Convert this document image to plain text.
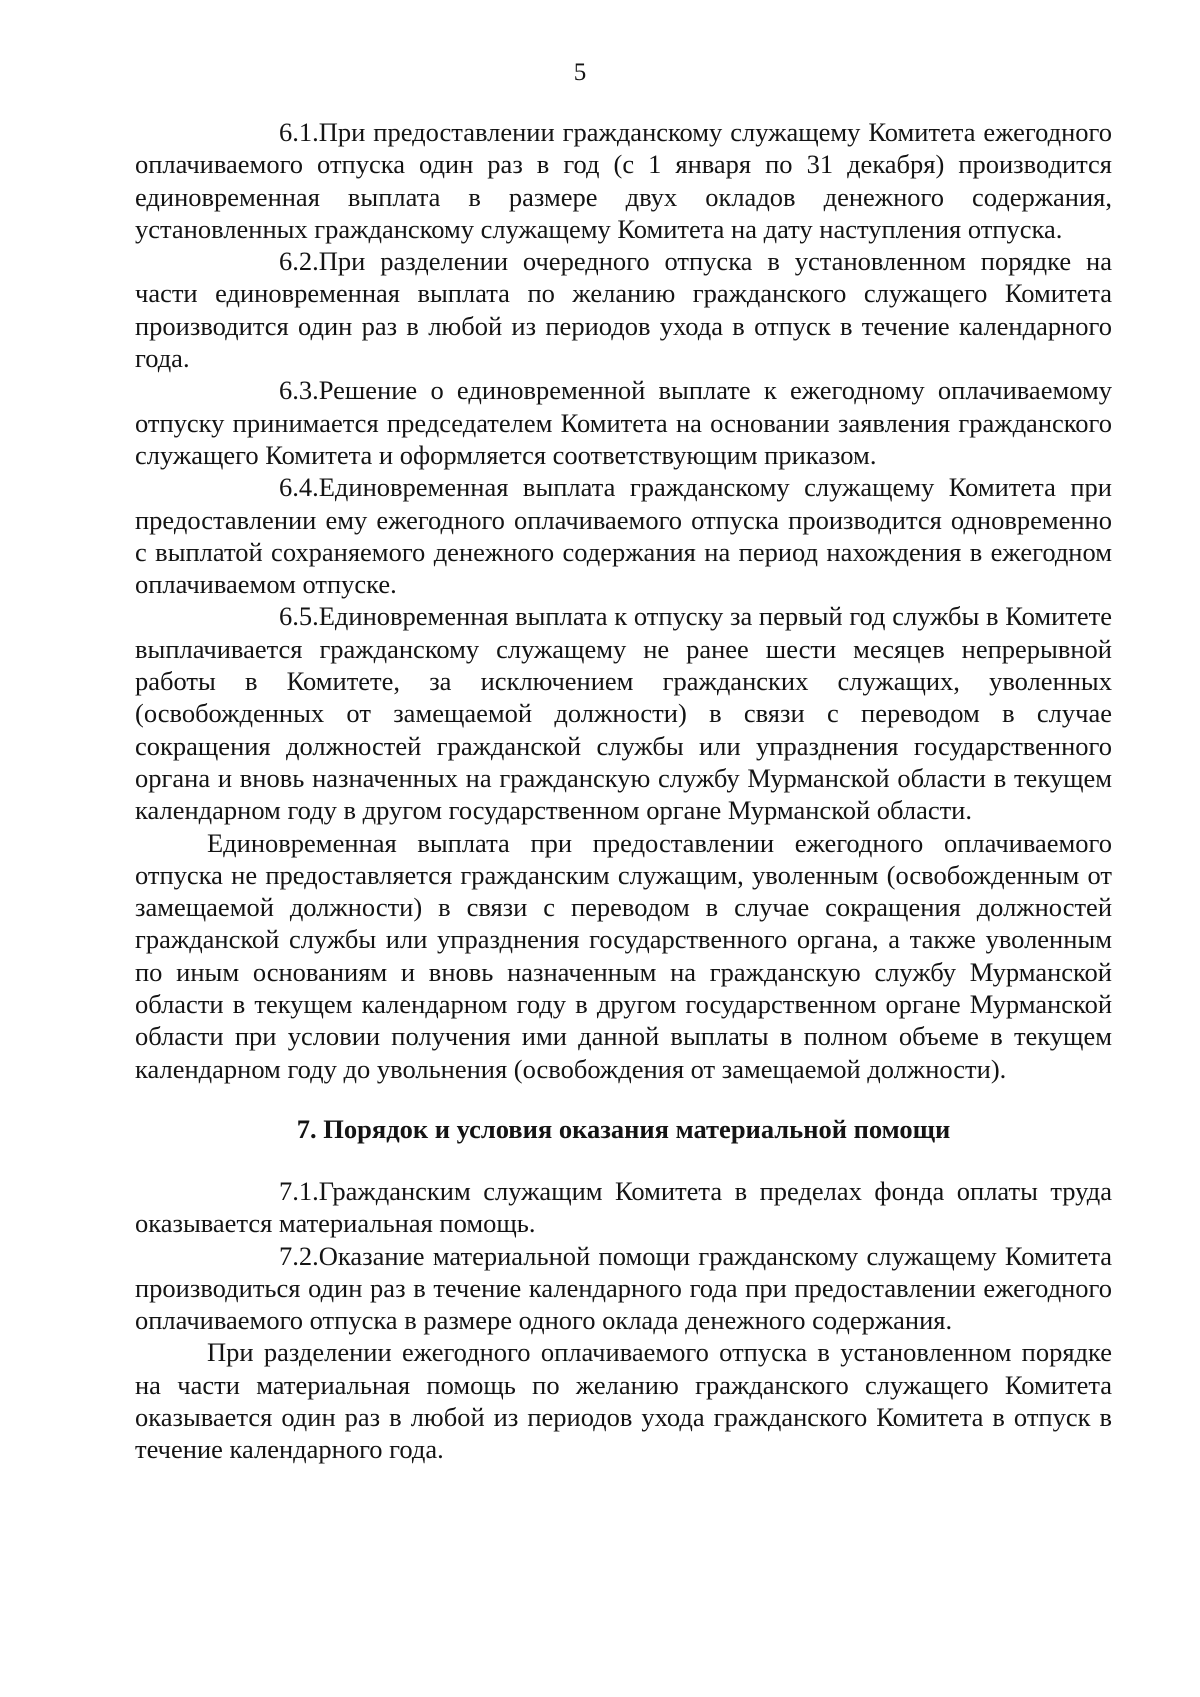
5

6.1.При предоставлении гражданскому служащему Комитета ежегодного оплачиваемого отпуска один раз в год (с 1 января по 31 декабря) производится единовременная выплата в размере двух окладов денежного содержания, установленных гражданскому служащему Комитета на дату наступления отпуска.

6.2.При разделении очередного отпуска в установленном порядке на части единовременная выплата по желанию гражданского служащего Комитета производится один раз в любой из периодов ухода в отпуск в течение календарного года.

6.3.Решение о единовременной выплате к ежегодному оплачиваемому отпуску принимается председателем Комитета на основании заявления гражданского служащего Комитета и оформляется соответствующим приказом.

6.4.Единовременная выплата гражданскому служащему Комитета при предоставлении ему ежегодного оплачиваемого отпуска производится одновременно с выплатой сохраняемого денежного содержания на период нахождения в ежегодном оплачиваемом отпуске.

6.5.Единовременная выплата к отпуску за первый год службы в Комитете выплачивается гражданскому служащему не ранее шести месяцев непрерывной работы в Комитете, за исключением гражданских служащих, уволенных (освобожденных от замещаемой должности) в связи с переводом в случае сокращения должностей гражданской службы или упразднения государственного органа и вновь назначенных на гражданскую службу Мурманской области в текущем календарном году в другом государственном органе Мурманской области.

Единовременная выплата при предоставлении ежегодного оплачиваемого отпуска не предоставляется гражданским служащим, уволенным (освобожденным от замещаемой должности) в связи с переводом в случае сокращения должностей гражданской службы или упразднения государственного органа, а также уволенным по иным основаниям и вновь назначенным на гражданскую службу Мурманской области в текущем календарном году в другом государственном органе Мурманской области при условии получения ими данной выплаты в полном объеме в текущем календарном году до увольнения (освобождения от замещаемой должности).

7. Порядок и условия оказания материальной помощи

7.1.Гражданским служащим Комитета в пределах фонда оплаты труда оказывается материальная помощь.

7.2.Оказание материальной помощи гражданскому служащему Комитета производиться один раз в течение календарного года при предоставлении ежегодного оплачиваемого отпуска в размере одного оклада денежного содержания.

При разделении ежегодного оплачиваемого отпуска в установленном порядке на части материальная помощь по желанию гражданского служащего Комитета оказывается один раз в любой из периодов ухода гражданского Комитета в отпуск в течение календарного года.
